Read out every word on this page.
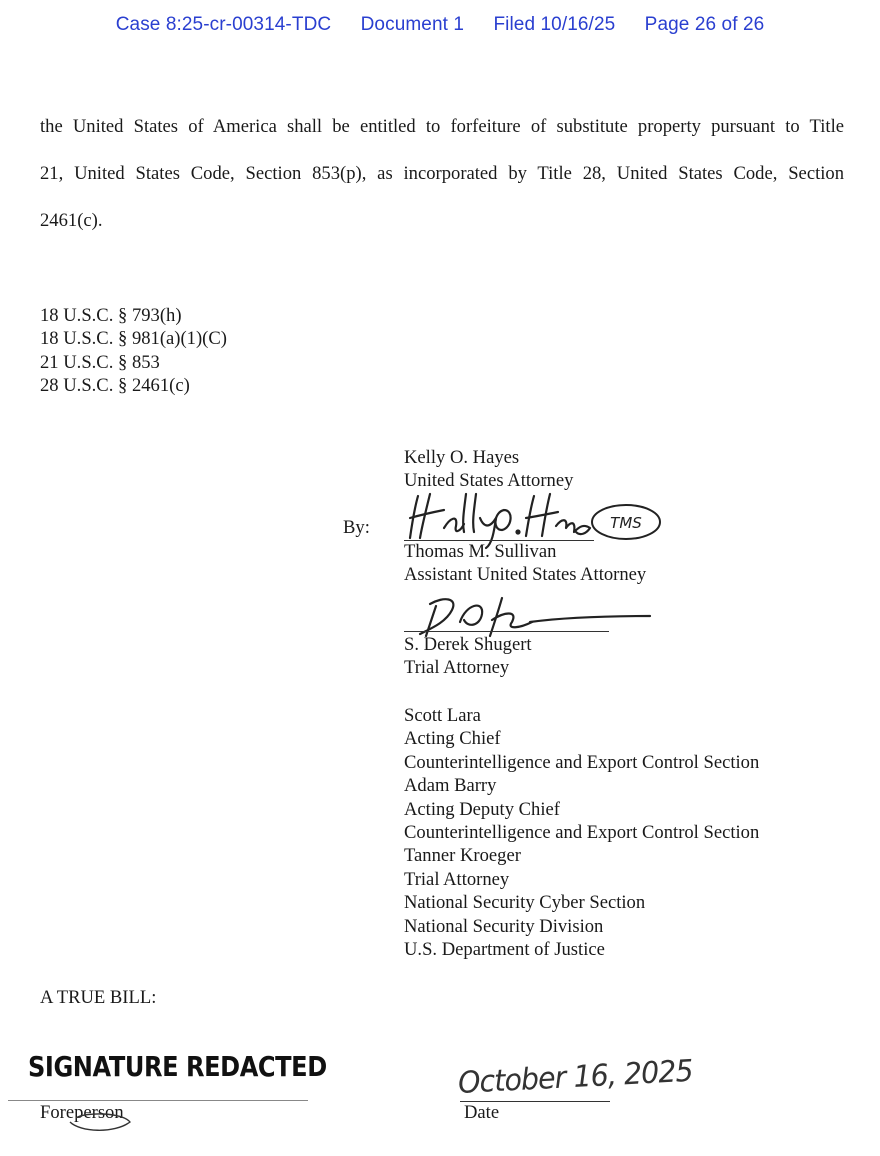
Case 8:25-cr-00314-TDC Document 1 Filed 10/16/25 Page 26 of 26
the United States of America shall be entitled to forfeiture of substitute property pursuant to Title
21, United States Code, Section 853(p), as incorporated by Title 28, United States Code, Section
2461(c).
18 U.S.C. § 793(h)
18 U.S.C. § 981(a)(1)(C)
21 U.S.C. § 853
28 U.S.C. § 2461(c)
Kelly O. Hayes
United States Attorney
By:	TMS
Thomas M. Sullivan
Assistant United States Attorney
S. Derek Shugert
Trial Attorney
Scott Lara
Acting Chief
Counterintelligence and Export Control Section
Adam Barry
Acting Deputy Chief
Counterintelligence and Export Control Section
Tanner Kroeger
Trial Attorney
National Security Cyber Section
National Security Division
U.S. Department of Justice
A TRUE BILL:
SIGNATURE REDACTED
Foreperson
October 16, 2025
Date
